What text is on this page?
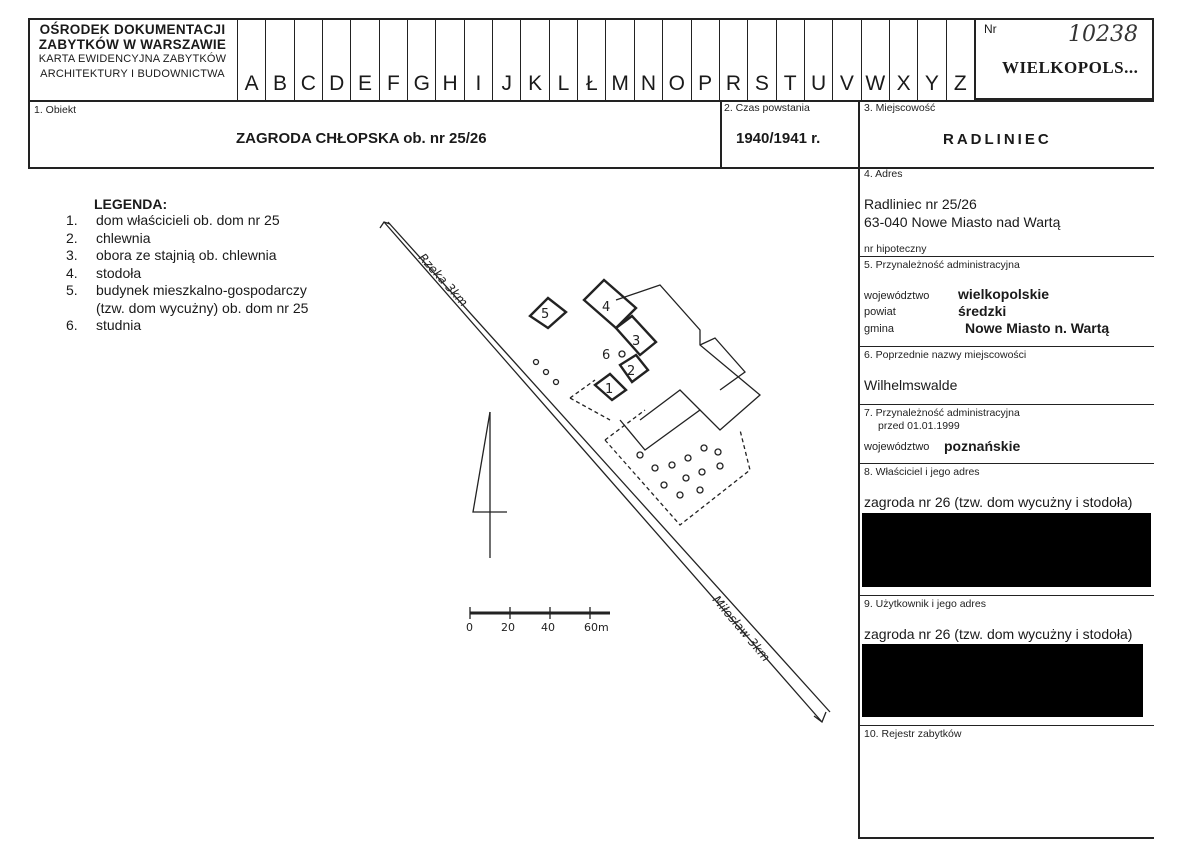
OŚRODEK DOKUMENTACJI
ZABYTKÓW W WARSZAWIE
KARTA EWIDENCYJNA ZABYTKÓW
ARCHITEKTURY I BUDOWNICTWA A B C D E F G H I J K L Ł M N O P R S T U V W X Y Z
Nr	10238
WIELKOPOLS...
1. Obiekt
ZAGRODA CHŁOPSKA ob. nr 25/26
2. Czas powstania
1940/1941 r.
3. Miejscowość
RADLINIEC
4. Adres
Radliniec nr 25/26
63-040 Nowe Miasto nad Wartą
nr hipoteczny
5. Przynależność administracyjna
województwo wielkopolskie
powiat	średzki
gmina	Nowe Miasto n. Wartą
6. Poprzednie nazwy miejscowości
Wilhelmswalde
7. Przynależność administracyjna
przed 01.01.1999
województwo poznańskie
8. Właściciel i jego adres
zagroda nr 26 (tzw. dom wycużny i stodoła)
9. Użytkownik i jego adres
zagroda nr 26 (tzw. dom wycużny i stodoła)
10. Rejestr zabytków
LEGENDA:
1.	dom właścicieli ob. dom nr 25
2.	chlewnia
3.	obora ze stajnią ob. chlewnia
4.	stodoła
5.	budynek mieszkalno-gospodarczy
(tzw. dom wycużny) ob. dom nr 25
6.	studnia
4
3
2
1
5
6
Rzeka 3km
Miłosław 3km
0	20 40	60m
